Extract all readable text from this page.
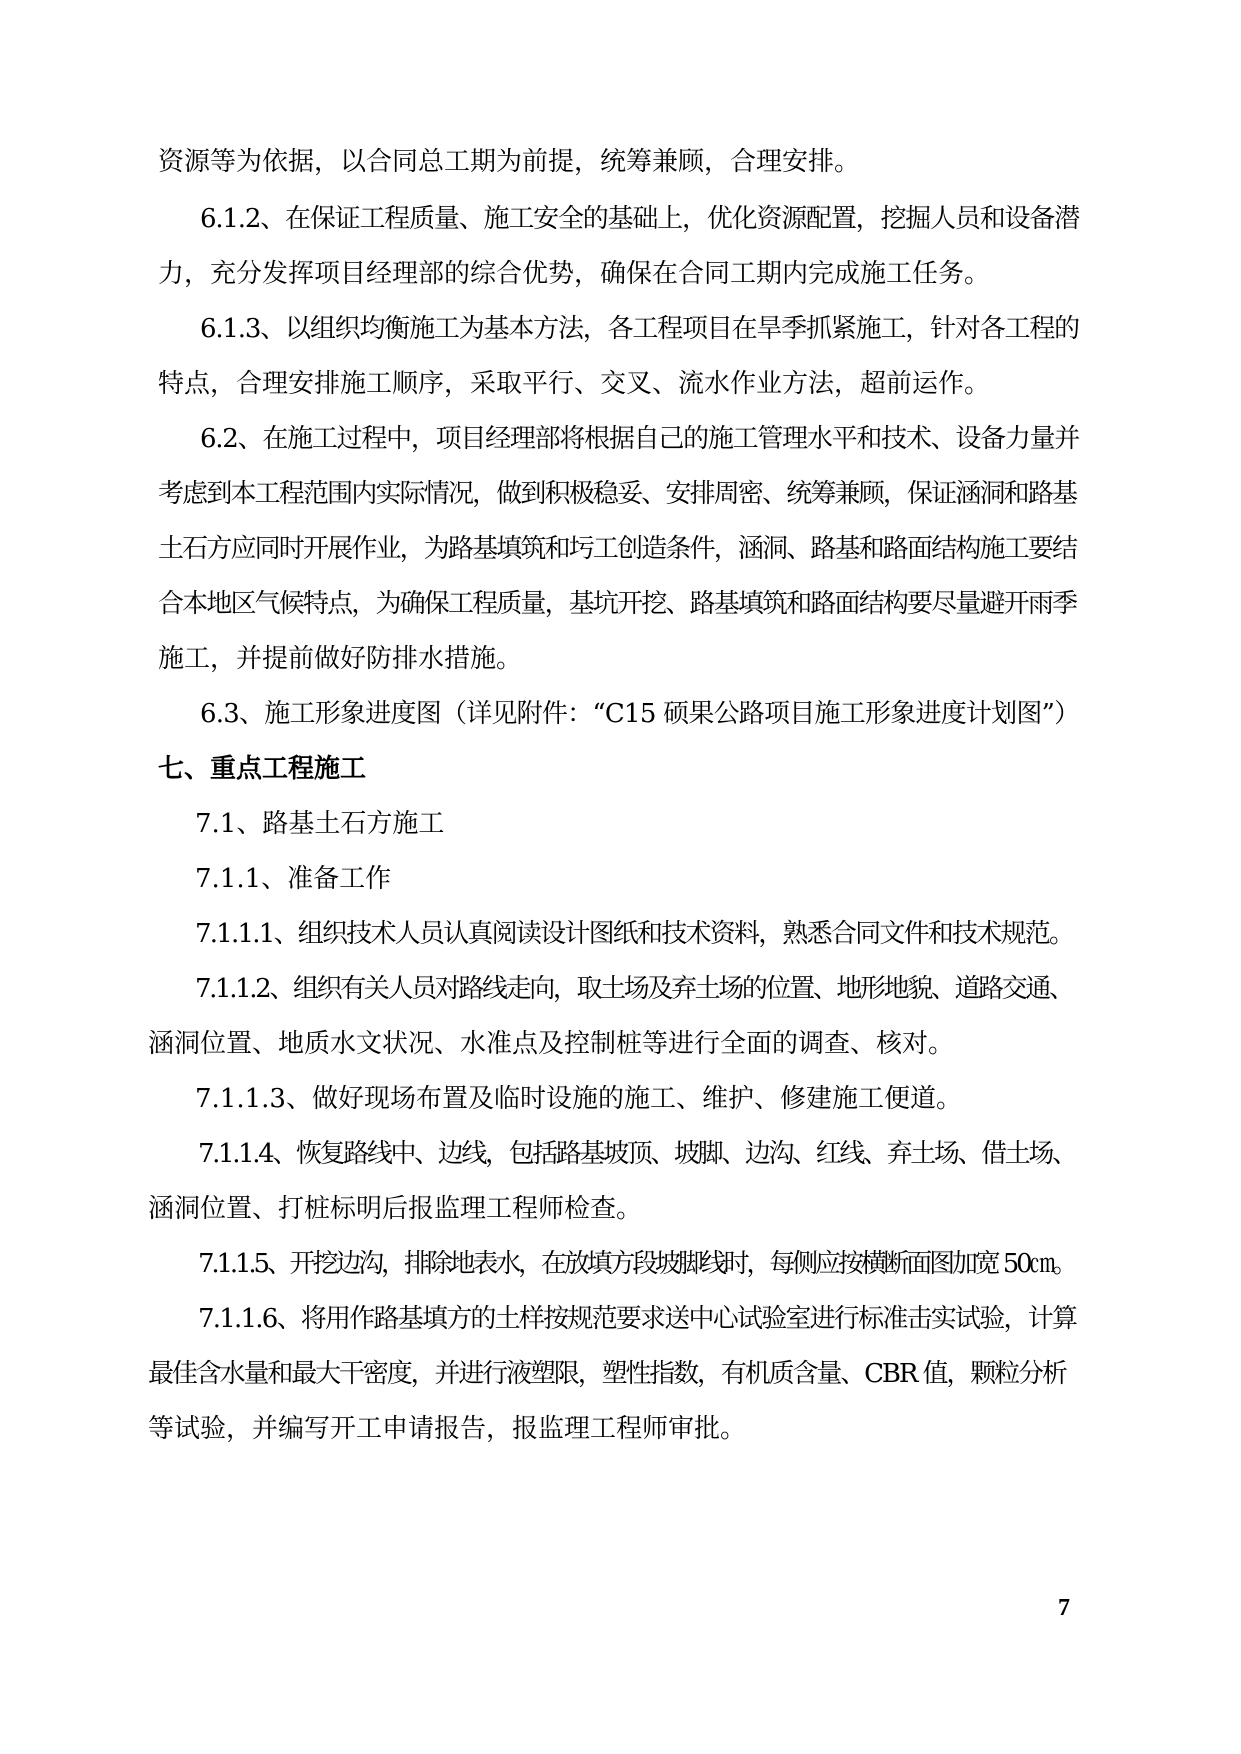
资源等为依据，以合同总工期为前提，统筹兼顾，合理安排。

6.1.2、在保证工程质量、施工安全的基础上，优化资源配置，挖掘人员和设备潜

力，充分发挥项目经理部的综合优势，确保在合同工期内完成施工任务。

6.1.3、以组织均衡施工为基本方法，各工程项目在旱季抓紧施工，针对各工程的

特点，合理安排施工顺序，采取平行、交叉、流水作业方法，超前运作。

6.2、在施工过程中，项目经理部将根据自己的施工管理水平和技术、设备力量并

考虑到本工程范围内实际情况，做到积极稳妥、安排周密、统筹兼顾，保证涵洞和路基

土石方应同时开展作业，为路基填筑和圬工创造条件，涵洞、路基和路面结构施工要结

合本地区气候特点，为确保工程质量，基坑开挖、路基填筑和路面结构要尽量避开雨季

施工，并提前做好防排水措施。

6.3、施工形象进度图（详见附件：“C15 硕果公路项目施工形象进度计划图”）

七、重点工程施工

7.1、路基土石方施工

7.1.1、准备工作

7.1.1.1、组织技术人员认真阅读设计图纸和技术资料，熟悉合同文件和技术规范。

7.1.1.2、组织有关人员对路线走向，取土场及弃土场的位置、地形地貌、道路交通、

涵洞位置、地质水文状况、水准点及控制桩等进行全面的调查、核对。

7.1.1.3、做好现场布置及临时设施的施工、维护、修建施工便道。

7.1.1.4、恢复路线中、边线，包括路基坡顶、坡脚、边沟、红线、弃土场、借土场、

涵洞位置、打桩标明后报监理工程师检查。

7.1.1.5、开挖边沟，排除地表水，在放填方段坡脚线时，每侧应按横断面图加宽 50㎝。

7.1.1.6、将用作路基填方的土样按规范要求送中心试验室进行标准击实试验，计算

最佳含水量和最大干密度，并进行液塑限，塑性指数，有机质含量、CBR 值，颗粒分析

等试验，并编写开工申请报告，报监理工程师审批。

7
